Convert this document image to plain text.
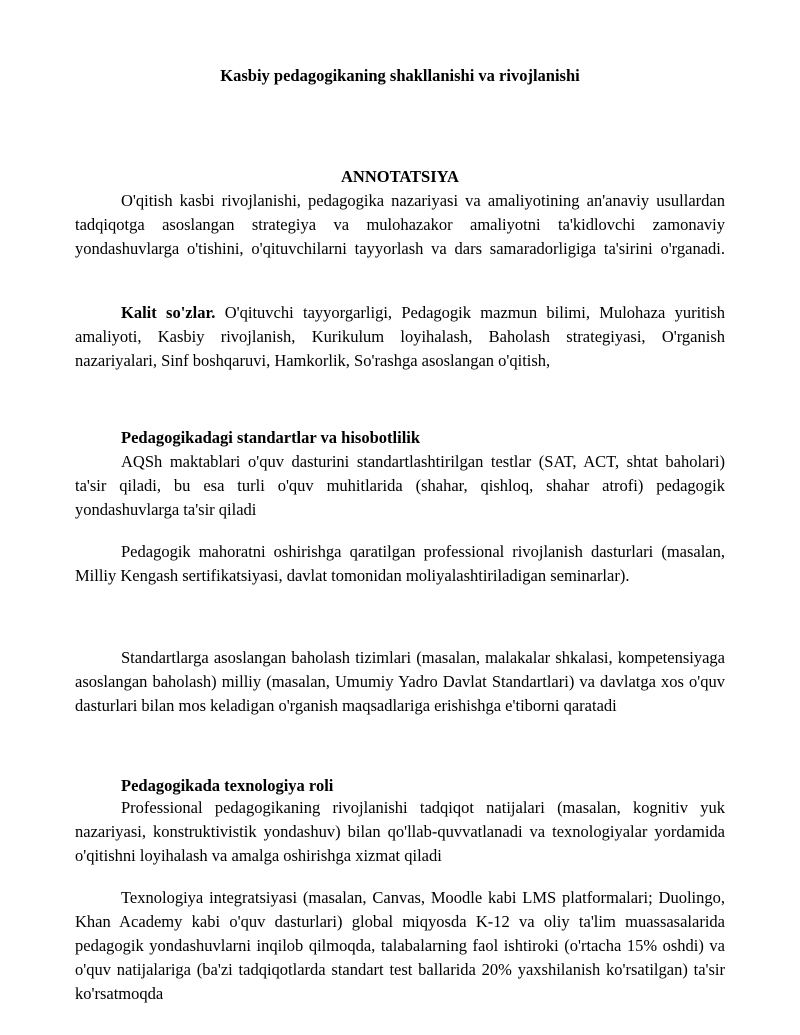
Kasbiy pedagogikaning shakllanishi va rivojlanishi
ANNOTATSIYA

O'qitish kasbi rivojlanishi, pedagogika nazariyasi va amaliyotining an'anaviy usullardan tadqiqotga asoslangan strategiya va mulohazakor amaliyotni ta'kidlovchi zamonaviy yondashuvlarga o'tishini, o'qituvchilarni tayyorlash va dars samaradorligiga ta'sirini o'rganadi.

Kalit so'zlar. O'qituvchi tayyorgarligi, Pedagogik mazmun bilimi, Mulohaza yuritish amaliyoti, Kasbiy rivojlanish, Kurikulum loyihalash, Baholash strategiyasi, O'rganish nazariyalari, Sinf boshqaruvi, Hamkorlik, So'rashga asoslangan o'qitish,

Pedagogikadagi standartlar va hisobotlilik

AQSh maktablari o'quv dasturini standartlashtirilgan testlar (SAT, ACT, shtat baholari) ta'sir qiladi, bu esa turli o'quv muhitlarida (shahar, qishloq, shahar atrofi) pedagogik yondashuvlarga ta'sir qiladi

Pedagogik mahoratni oshirishga qaratilgan professional rivojlanish dasturlari (masalan, Milliy Kengash sertifikatsiyasi, davlat tomonidan moliyalashtiriladigan seminarlar).

Standartlarga asoslangan baholash tizimlari (masalan, malakalar shkalasi, kompetensiyaga asoslangan baholash) milliy (masalan, Umumiy Yadro Davlat Standartlari) va davlatga xos o'quv dasturlari bilan mos keladigan o'rganish maqsadlariga erishishga e'tiborni qaratadi

Pedagogikada texnologiya roli

Professional pedagogikaning rivojlanishi tadqiqot natijalari (masalan, kognitiv yuk nazariyasi, konstruktivistik yondashuv) bilan qo'llab-quvvatlanadi va texnologiyalar yordamida o'qitishni loyihalash va amalga oshirishga xizmat qiladi

Texnologiya integratsiyasi (masalan, Canvas, Moodle kabi LMS platformalari; Duolingo, Khan Academy kabi o'quv dasturlari) global miqyosda K-12 va oliy ta'lim muassasalarida pedagogik yondashuvlarni inqilob qilmoqda, talabalarning faol ishtiroki (o'rtacha 15% oshdi) va o'quv natijalariga (ba'zi tadqiqotlarda standart test ballarida 20% yaxshilanish ko'rsatilgan) ta'sir ko'rsatmoqda
